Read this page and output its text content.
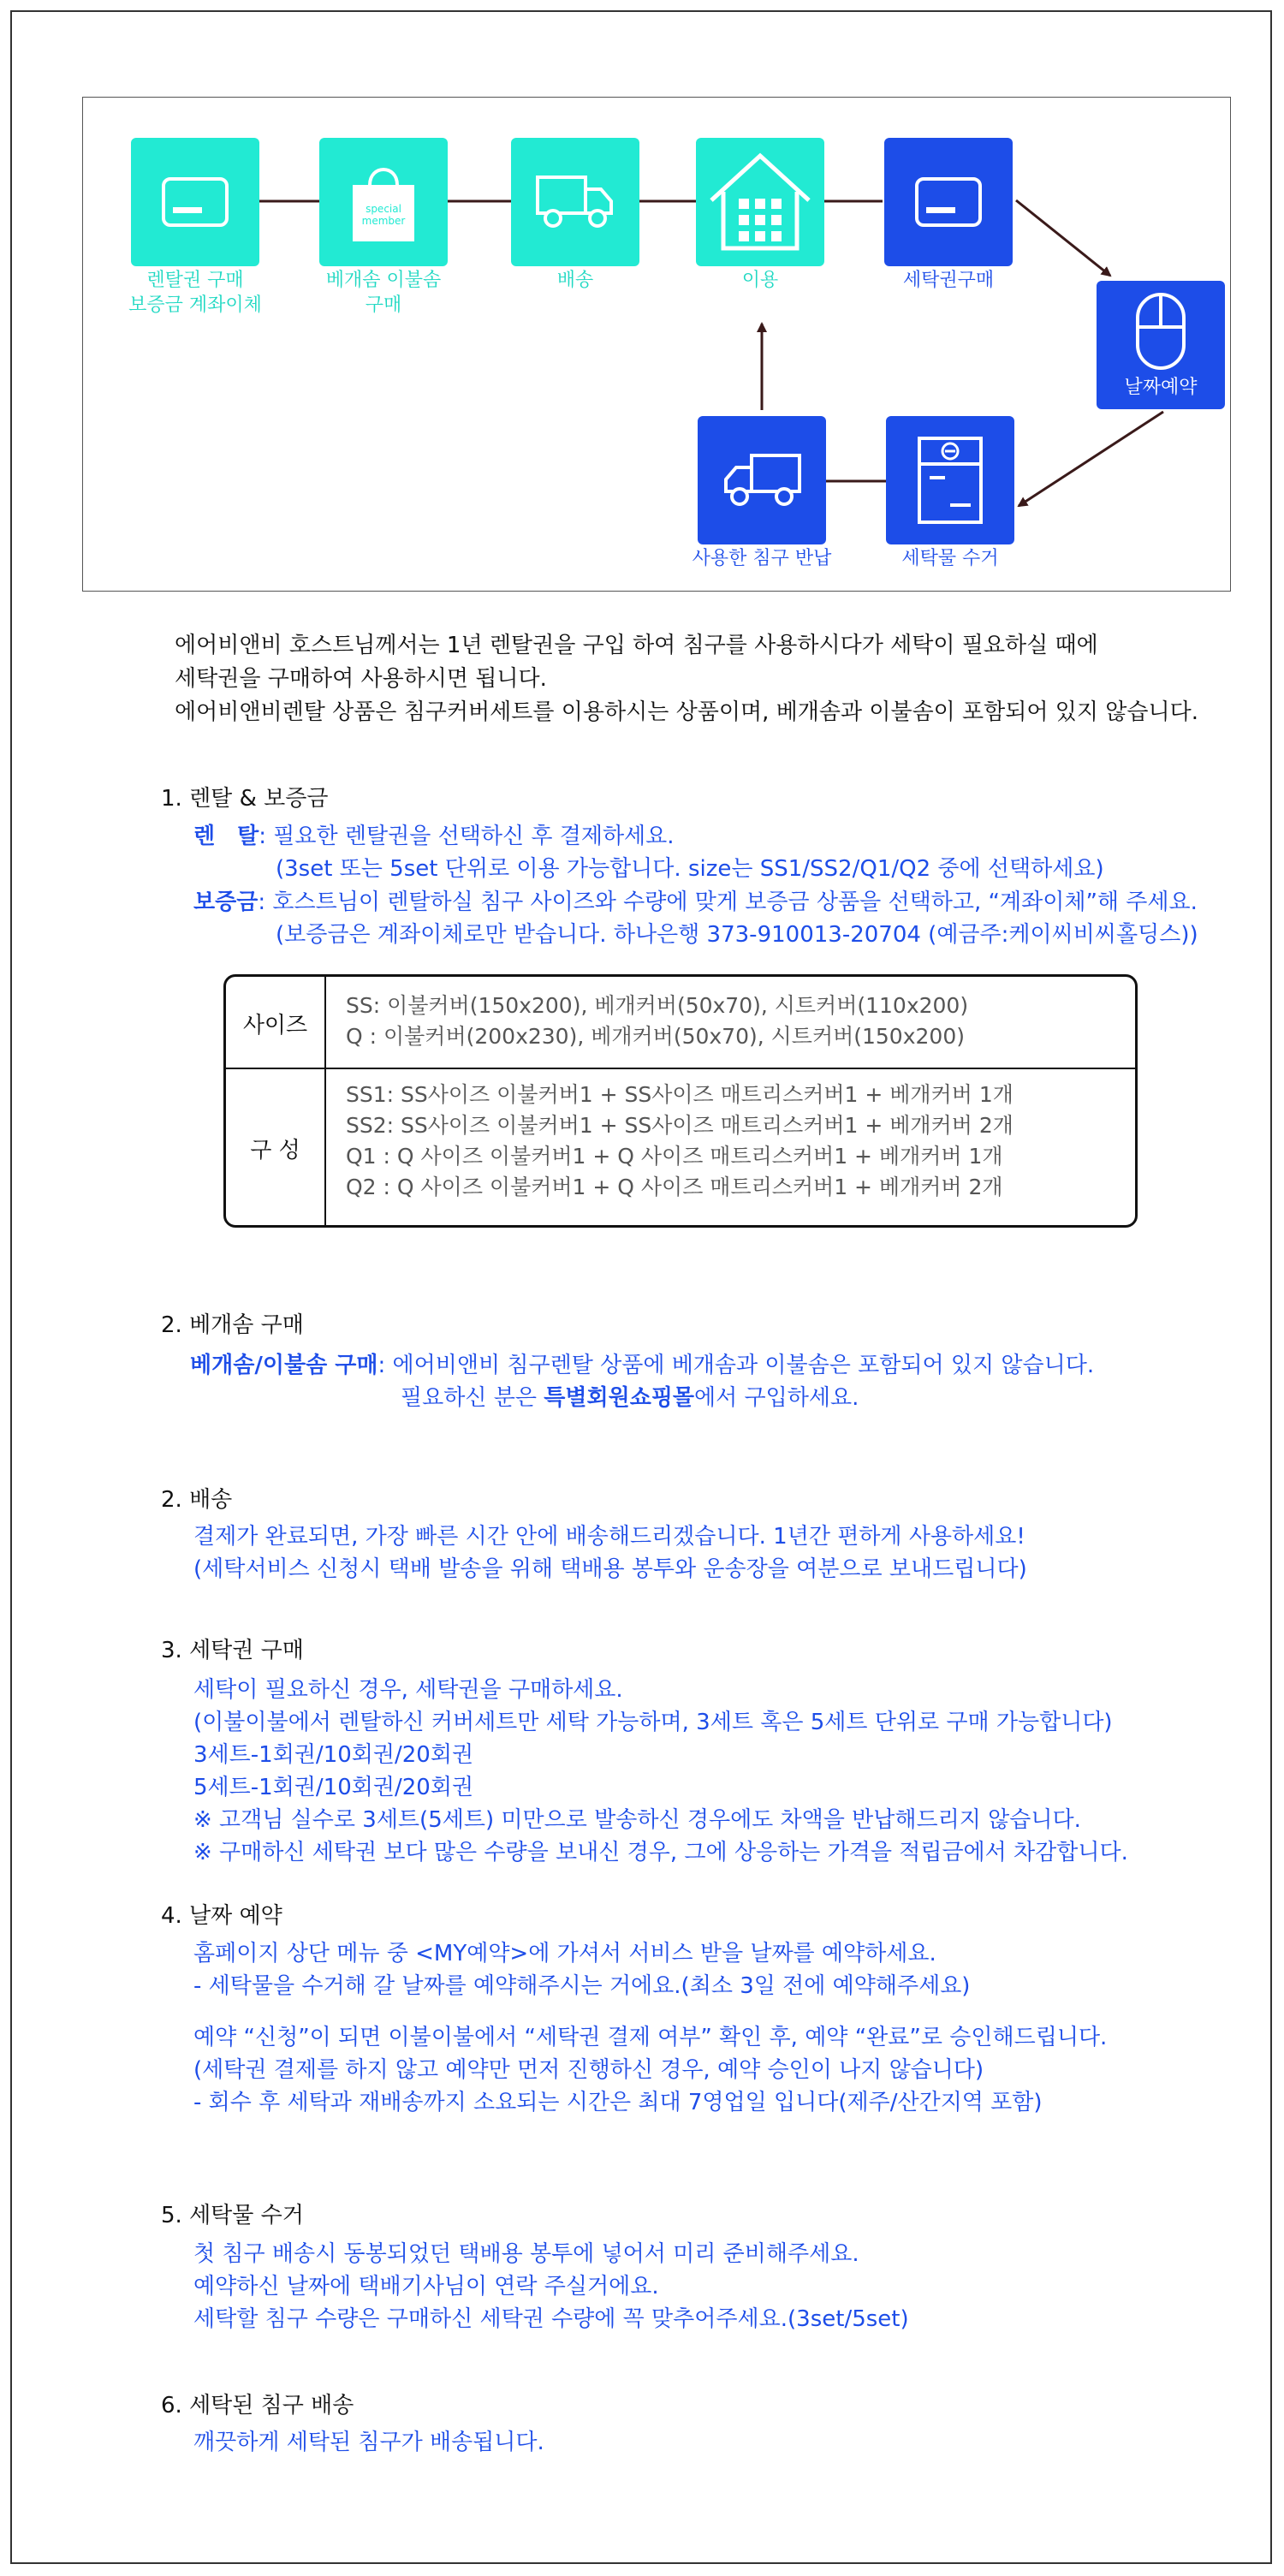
렌탈권 구매
보증금 계좌이체
special
member
베개솜 이불솜
구매
배송	이용	세탁권구매
날짜예약
세탁물 수거
사용한 침구 반납
에어비앤비 호스트님께서는 1년 렌탈권을 구입 하여 침구를 사용하시다가 세탁이 필요하실 때에
세탁권을 구매하여 사용하시면 됩니다.
에어비앤비렌탈 상품은 침구커버세트를 이용하시는 상품이며, 베개솜과 이불솜이 포함되어 있지 않습니다.
1. 렌탈 & 보증금
렌　탈: 필요한 렌탈권을 선택하신 후 결제하세요.
(3set 또는 5set 단위로 이용 가능합니다. size는 SS1/SS2/Q1/Q2 중에 선택하세요)
보증금: 호스트님이 렌탈하실 침구 사이즈와 수량에 맞게 보증금 상품을 선택하고, “계좌이체”해 주세요.
(보증금은 계좌이체로만 받습니다. 하나은행 373-910013-20704 (예금주:케이씨비씨홀딩스))
사이즈
SS: 이불커버(150x200), 베개커버(50x70), 시트커버(110x200)
Q : 이불커버(200x230), 베개커버(50x70), 시트커버(150x200)
구 성
SS1: SS사이즈 이불커버1 + SS사이즈 매트리스커버1 + 베개커버 1개
SS2: SS사이즈 이불커버1 + SS사이즈 매트리스커버1 + 베개커버 2개
Q1 : Q 사이즈 이불커버1 + Q 사이즈 매트리스커버1 + 베개커버 1개
Q2 : Q 사이즈 이불커버1 + Q 사이즈 매트리스커버1 + 베개커버 2개
2. 베개솜 구매
베개솜/이불솜 구매: 에어비앤비 침구렌탈 상품에 베개솜과 이불솜은 포함되어 있지 않습니다.
필요하신 분은 특별회원쇼핑몰에서 구입하세요.
2. 배송
결제가 완료되면, 가장 빠른 시간 안에 배송해드리겠습니다. 1년간 편하게 사용하세요!
(세탁서비스 신청시 택배 발송을 위해 택배용 봉투와 운송장을 여분으로 보내드립니다)
3. 세탁권 구매
세탁이 필요하신 경우, 세탁권을 구매하세요.
(이불이불에서 렌탈하신 커버세트만 세탁 가능하며, 3세트 혹은 5세트 단위로 구매 가능합니다)
3세트-1회권/10회권/20회권
5세트-1회권/10회권/20회권
※ 고객님 실수로 3세트(5세트) 미만으로 발송하신 경우에도 차액을 반납해드리지 않습니다.
※ 구매하신 세탁권 보다 많은 수량을 보내신 경우, 그에 상응하는 가격을 적립금에서 차감합니다.
4. 날짜 예약
홈페이지 상단 메뉴 중 <MY예약>에 가셔서 서비스 받을 날짜를 예약하세요.
- 세탁물을 수거해 갈 날짜를 예약해주시는 거에요.(최소 3일 전에 예약해주세요)
예약 “신청”이 되면 이불이불에서 “세탁권 결제 여부” 확인 후, 예약 “완료”로 승인해드립니다.
(세탁권 결제를 하지 않고 예약만 먼저 진행하신 경우, 예약 승인이 나지 않습니다)
- 회수 후 세탁과 재배송까지 소요되는 시간은 최대 7영업일 입니다(제주/산간지역 포함)
5. 세탁물 수거
첫 침구 배송시 동봉되었던 택배용 봉투에 넣어서 미리 준비해주세요.
예약하신 날짜에 택배기사님이 연락 주실거에요.
세탁할 침구 수량은 구매하신 세탁권 수량에 꼭 맞추어주세요.(3set/5set)
6. 세탁된 침구 배송
깨끗하게 세탁된 침구가 배송됩니다.
